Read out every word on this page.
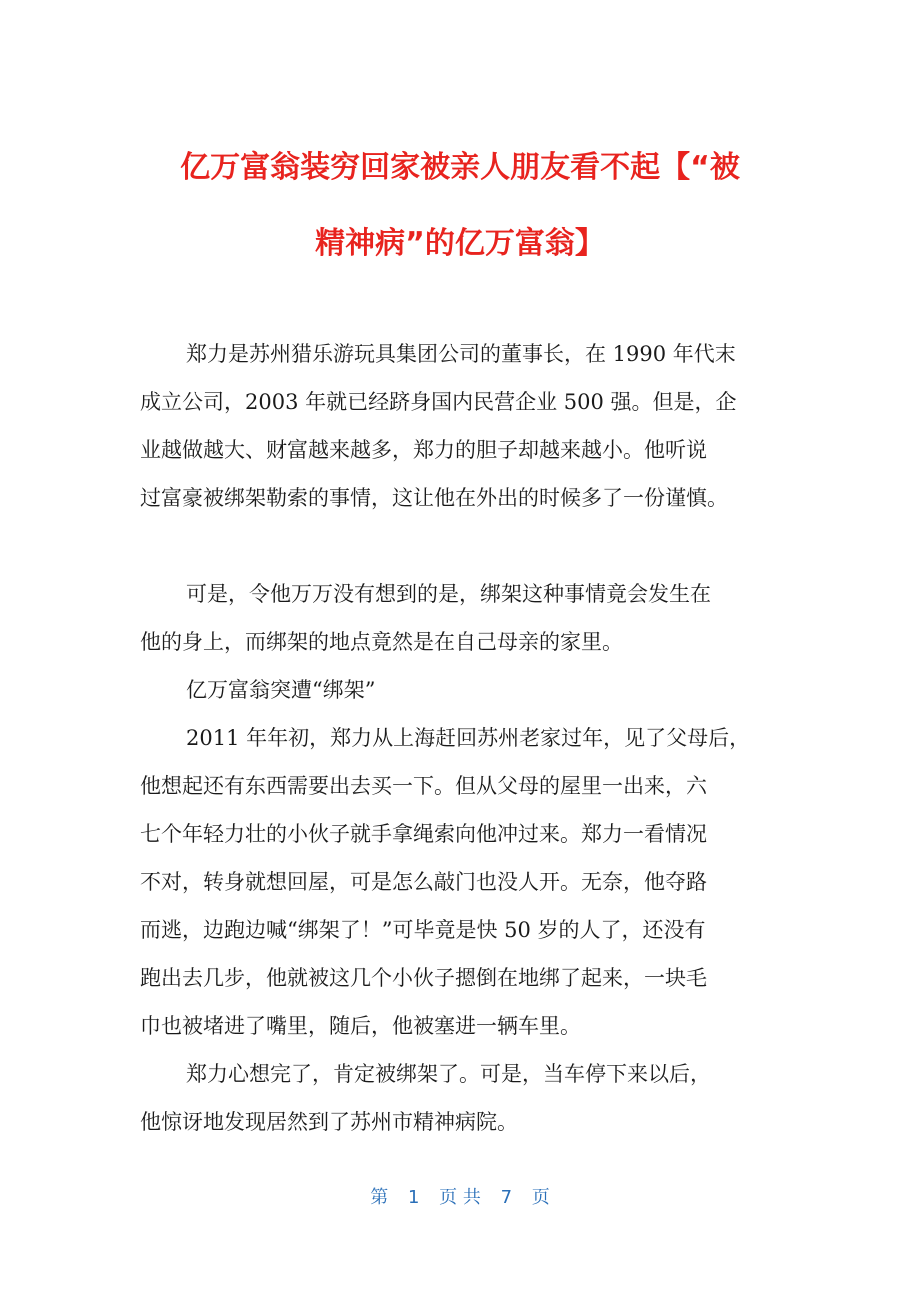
亿万富翁装穷回家被亲人朋友看不起【“被
精神病”的亿万富翁】

郑力是苏州猎乐游玩具集团公司的董事长，在 1990 年代末
成立公司，2003 年就已经跻身国内民营企业 500 强。但是，企
业越做越大、财富越来越多，郑力的胆子却越来越小。他听说
过富豪被绑架勒索的事情，这让他在外出的时候多了一份谨慎。

可是，令他万万没有想到的是，绑架这种事情竟会发生在
他的身上，而绑架的地点竟然是在自己母亲的家里。

亿万富翁突遭“绑架”

2011 年年初，郑力从上海赶回苏州老家过年，见了父母后，
他想起还有东西需要出去买一下。但从父母的屋里一出来，六
七个年轻力壮的小伙子就手拿绳索向他冲过来。郑力一看情况
不对，转身就想回屋，可是怎么敲门也没人开。无奈，他夺路
而逃，边跑边喊“绑架了！”可毕竟是快 50 岁的人了，还没有
跑出去几步，他就被这几个小伙子摁倒在地绑了起来，一块毛
巾也被堵进了嘴里，随后，他被塞进一辆车里。

郑力心想完了，肯定被绑架了。可是，当车停下来以后，
他惊讶地发现居然到了苏州市精神病院。

第 1 页 共 7 页
